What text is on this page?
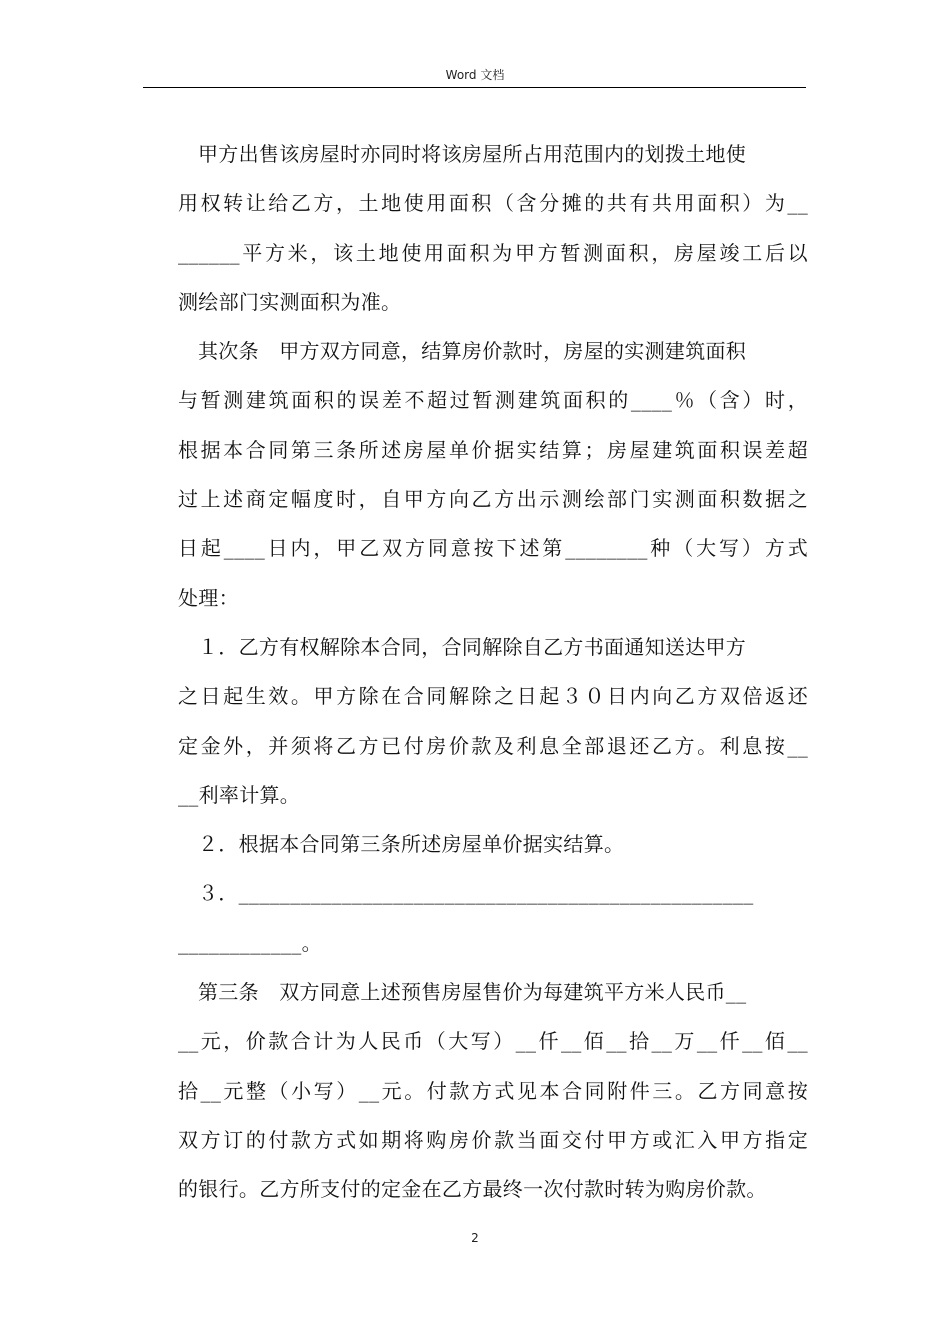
Word 文档
甲方出售该房屋时亦同时将该房屋所占用范围内的划拨土地使
用权转让给乙方，土地使用面积（含分摊的共有共用面积）为__
______平方米，该土地使用面积为甲方暂测面积，房屋竣工后以
测绘部门实测面积为准。
其次条　甲方双方同意，结算房价款时，房屋的实测建筑面积
与暂测建筑面积的误差不超过暂测建筑面积的____％（含）时，
根据本合同第三条所述房屋单价据实结算；房屋建筑面积误差超
过上述商定幅度时，自甲方向乙方出示测绘部门实测面积数据之
日起____日内，甲乙双方同意按下述第________种（大写）方式
处理：
１．乙方有权解除本合同，合同解除自乙方书面通知送达甲方
之日起生效。甲方除在合同解除之日起３０日内向乙方双倍返还
定金外，并须将乙方已付房价款及利息全部退还乙方。利息按__
__利率计算。
２．根据本合同第三条所述房屋单价据实结算。
３．__________________________________________________
____________。
第三条　双方同意上述预售房屋售价为每建筑平方米人民币__
__元，价款合计为人民币（大写）__仟__佰__拾__万__仟__佰__
拾__元整（小写）__元。付款方式见本合同附件三。乙方同意按
双方订的付款方式如期将购房价款当面交付甲方或汇入甲方指定
的银行。乙方所支付的定金在乙方最终一次付款时转为购房价款。
2
